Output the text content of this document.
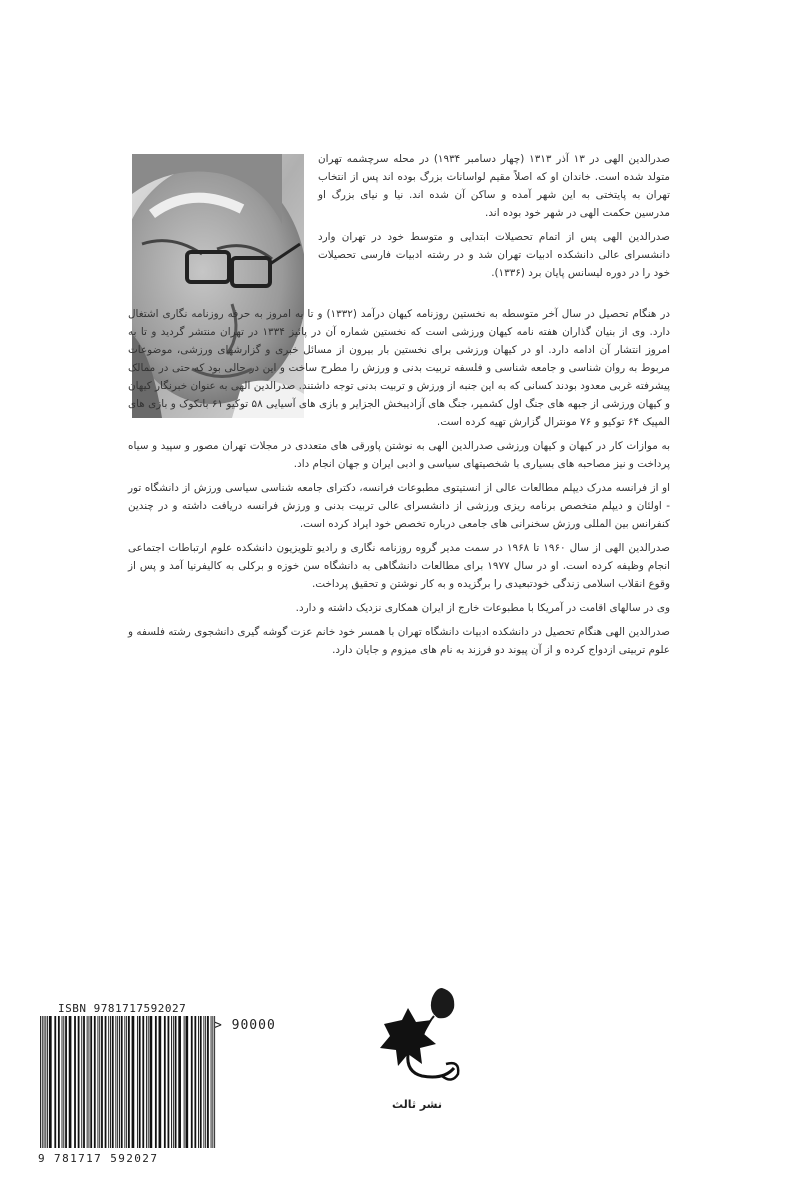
صدرالدین الهی در ۱۳ آذر ۱۳۱۳ (چهار دسامبر ۱۹۳۴) در محله سرچشمه تهران متولد شده است. خاندان او که اصلاً مقیم لواسانات بزرگ بوده اند پس از انتخاب تهران به پایتختی به این شهر آمده و ساکن آن شده اند. نیا و نیای بزرگ او مدرسین حکمت الهی در شهر خود بوده اند.

صدرالدین الهی پس از اتمام تحصیلات ابتدایی و متوسط خود در تهران وارد دانشسرای عالی دانشکده ادبیات تهران شد و در رشته ادبیات فارسی تحصیلات خود را در دوره لیسانس پایان برد (۱۳۳۶).

در هنگام تحصیل در سال آخر متوسطه به نخستین روزنامه کیهان درآمد (۱۳۳۲) و تا به امروز به حرفه روزنامه نگاری اشتغال دارد. وی از بنیان گذاران هفته نامه کیهان ورزشی است که نخستین شماره آن در پائیز ۱۳۳۴ در تهران منتشر گردید و تا به امروز انتشار آن ادامه دارد. او در کیهان ورزشی برای نخستین بار بیرون از مسائل خبری و گزارشهای ورزشی، موضوعات مربوط به روان شناسی و جامعه شناسی و فلسفه تربیت بدنی و ورزش را مطرح ساخت و این در حالی بود که حتی در ممالک پیشرفته غربی معدود بودند کسانی که به این جنبه از ورزش و تربیت بدنی توجه داشتند. صدرالدین الهی به عنوان خبرنگار کیهان و کیهان ورزشی از جبهه های جنگ اول کشمیر، جنگ های آزادیبخش الجزایر و بازی های آسیایی ۵۸ توکیو ۶۱ بانکوک و بازی های المپیک ۶۴ توکیو و ۷۶ مونترال گزارش تهیه کرده است.

به موازات کار در کیهان و کیهان ورزشی صدرالدین الهی به نوشتن پاورقی های متعددی در مجلات تهران مصور و سپید و سیاه پرداخت و نیز مصاحبه های بسیاری با شخصیتهای سیاسی و ادبی ایران و جهان انجام داد.

او از فرانسه مدرک دیپلم مطالعات عالی از انستیتوی مطبوعات فرانسه، دکترای جامعه شناسی سیاسی ورزش از دانشگاه تور - اولئان و دیپلم متخصص برنامه ریزی ورزشی از دانشسرای عالی تربیت بدنی و ورزش فرانسه دریافت داشته و در چندین کنفرانس بین المللی ورزش سخنرانی های جامعی درباره تخصص خود ایراد کرده است.

صدرالدین الهی از سال ۱۹۶۰ تا ۱۹۶۸ در سمت مدیر گروه روزنامه نگاری و رادیو تلویزیون دانشکده علوم ارتباطات اجتماعی انجام وظیفه کرده است. او در سال ۱۹۷۷ برای مطالعات دانشگاهی به دانشگاه سن خوزه و برکلی به کالیفرنیا آمد و پس از وقوع انقلاب اسلامی زندگی خودتبعیدی را برگزیده و به کار نوشتن و تحقیق پرداخت.

وی در سالهای اقامت در آمریکا با مطبوعات خارج از ایران همکاری نزدیک داشته و دارد.

صدرالدین الهی هنگام تحصیل در دانشکده ادبیات دانشگاه تهران با همسر خود خانم عزت گوشه گیری دانشجوی رشته فلسفه و علوم تربیتی ازدواج کرده و از آن پیوند دو فرزند به نام های میزوم و جایان دارد.

ISBN 9781717592027
> 90000
9 781717 592027
نشر ثالث
